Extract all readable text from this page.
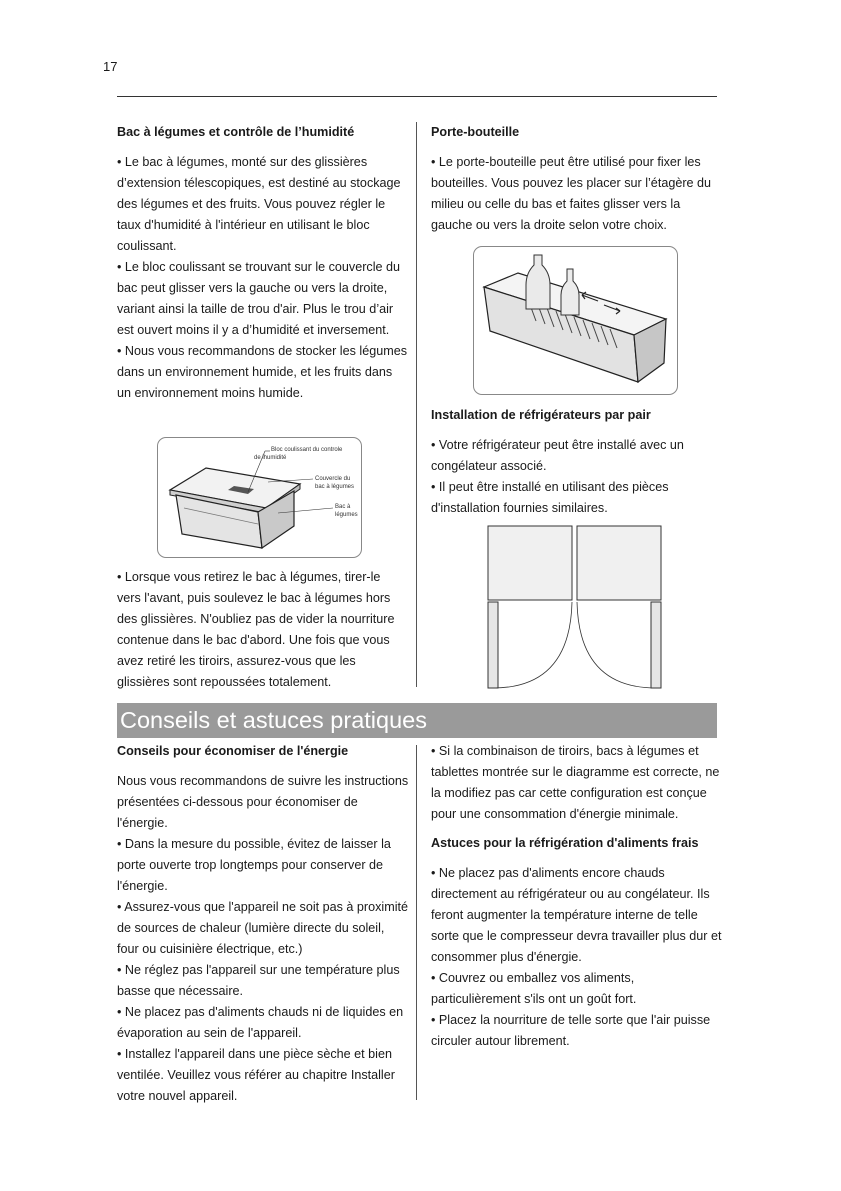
17
Bac à légumes et contrôle de l’humidité

• Le bac à légumes, monté sur des glissières d’extension télescopiques, est destiné au stockage des légumes et des fruits. Vous pouvez régler le taux d'humidité à l'intérieur en utilisant le bloc coulissant.

• Le bloc coulissant se trouvant sur le couvercle du bac peut glisser vers la gauche ou vers la droite, variant ainsi la taille de trou d'air. Plus le trou d’air est ouvert moins il y a d’humidité et inversement.

• Nous vous recommandons de stocker les légumes dans un environnement humide, et les fruits dans un environnement moins humide.

Bloc coulissant du controle
de lhumidité
Couvercle du
bac à légumes
Bac à
légumes

• Lorsque vous retirez le bac à légumes, tirer-le vers l'avant, puis soulevez le bac à légumes hors des glissières. N'oubliez pas de vider la nourriture contenue dans le bac d'abord. Une fois que vous avez retiré les tiroirs, assurez-vous que les glissières sont repoussées totalement.

Porte-bouteille

• Le porte-bouteille peut être utilisé pour fixer les bouteilles. Vous pouvez les placer sur l’étagère du milieu ou celle du bas et faites glisser vers la gauche ou vers la droite selon votre choix.

Installation de réfrigérateurs par pair

• Votre réfrigérateur peut être installé avec un congélateur associé.

• Il peut être installé en utilisant des pièces d'installation fournies similaires.

Conseils et astuces pratiques
Conseils pour économiser de l'énergie

Nous vous recommandons de suivre les instructions présentées ci-dessous pour économiser de l'énergie.

• Dans la mesure du possible, évitez de laisser la porte ouverte trop longtemps pour conserver de l'énergie.

• Assurez-vous que l'appareil ne soit pas à proximité de sources de chaleur (lumière directe du soleil, four ou cuisinière électrique, etc.)

• Ne réglez pas l'appareil sur une température plus basse que nécessaire.

• Ne placez pas d'aliments chauds ni de liquides en évaporation au sein de l'appareil.

• Installez l'appareil dans une pièce sèche et bien ventilée. Veuillez vous référer au chapitre Installer votre nouvel appareil.

• Si la combinaison de tiroirs, bacs à légumes et tablettes montrée sur le diagramme est correcte, ne la modifiez pas car cette configuration est conçue pour une consommation d'énergie minimale.

Astuces pour la réfrigération d'aliments frais

• Ne placez pas d'aliments encore chauds directement au réfrigérateur ou au congélateur. Ils feront augmenter la température interne de telle sorte que le compresseur devra travailler plus dur et consommer plus d'énergie.

• Couvrez ou emballez vos aliments, particulièrement s'ils ont un goût fort.

• Placez la nourriture de telle sorte que l'air puisse circuler autour librement.
